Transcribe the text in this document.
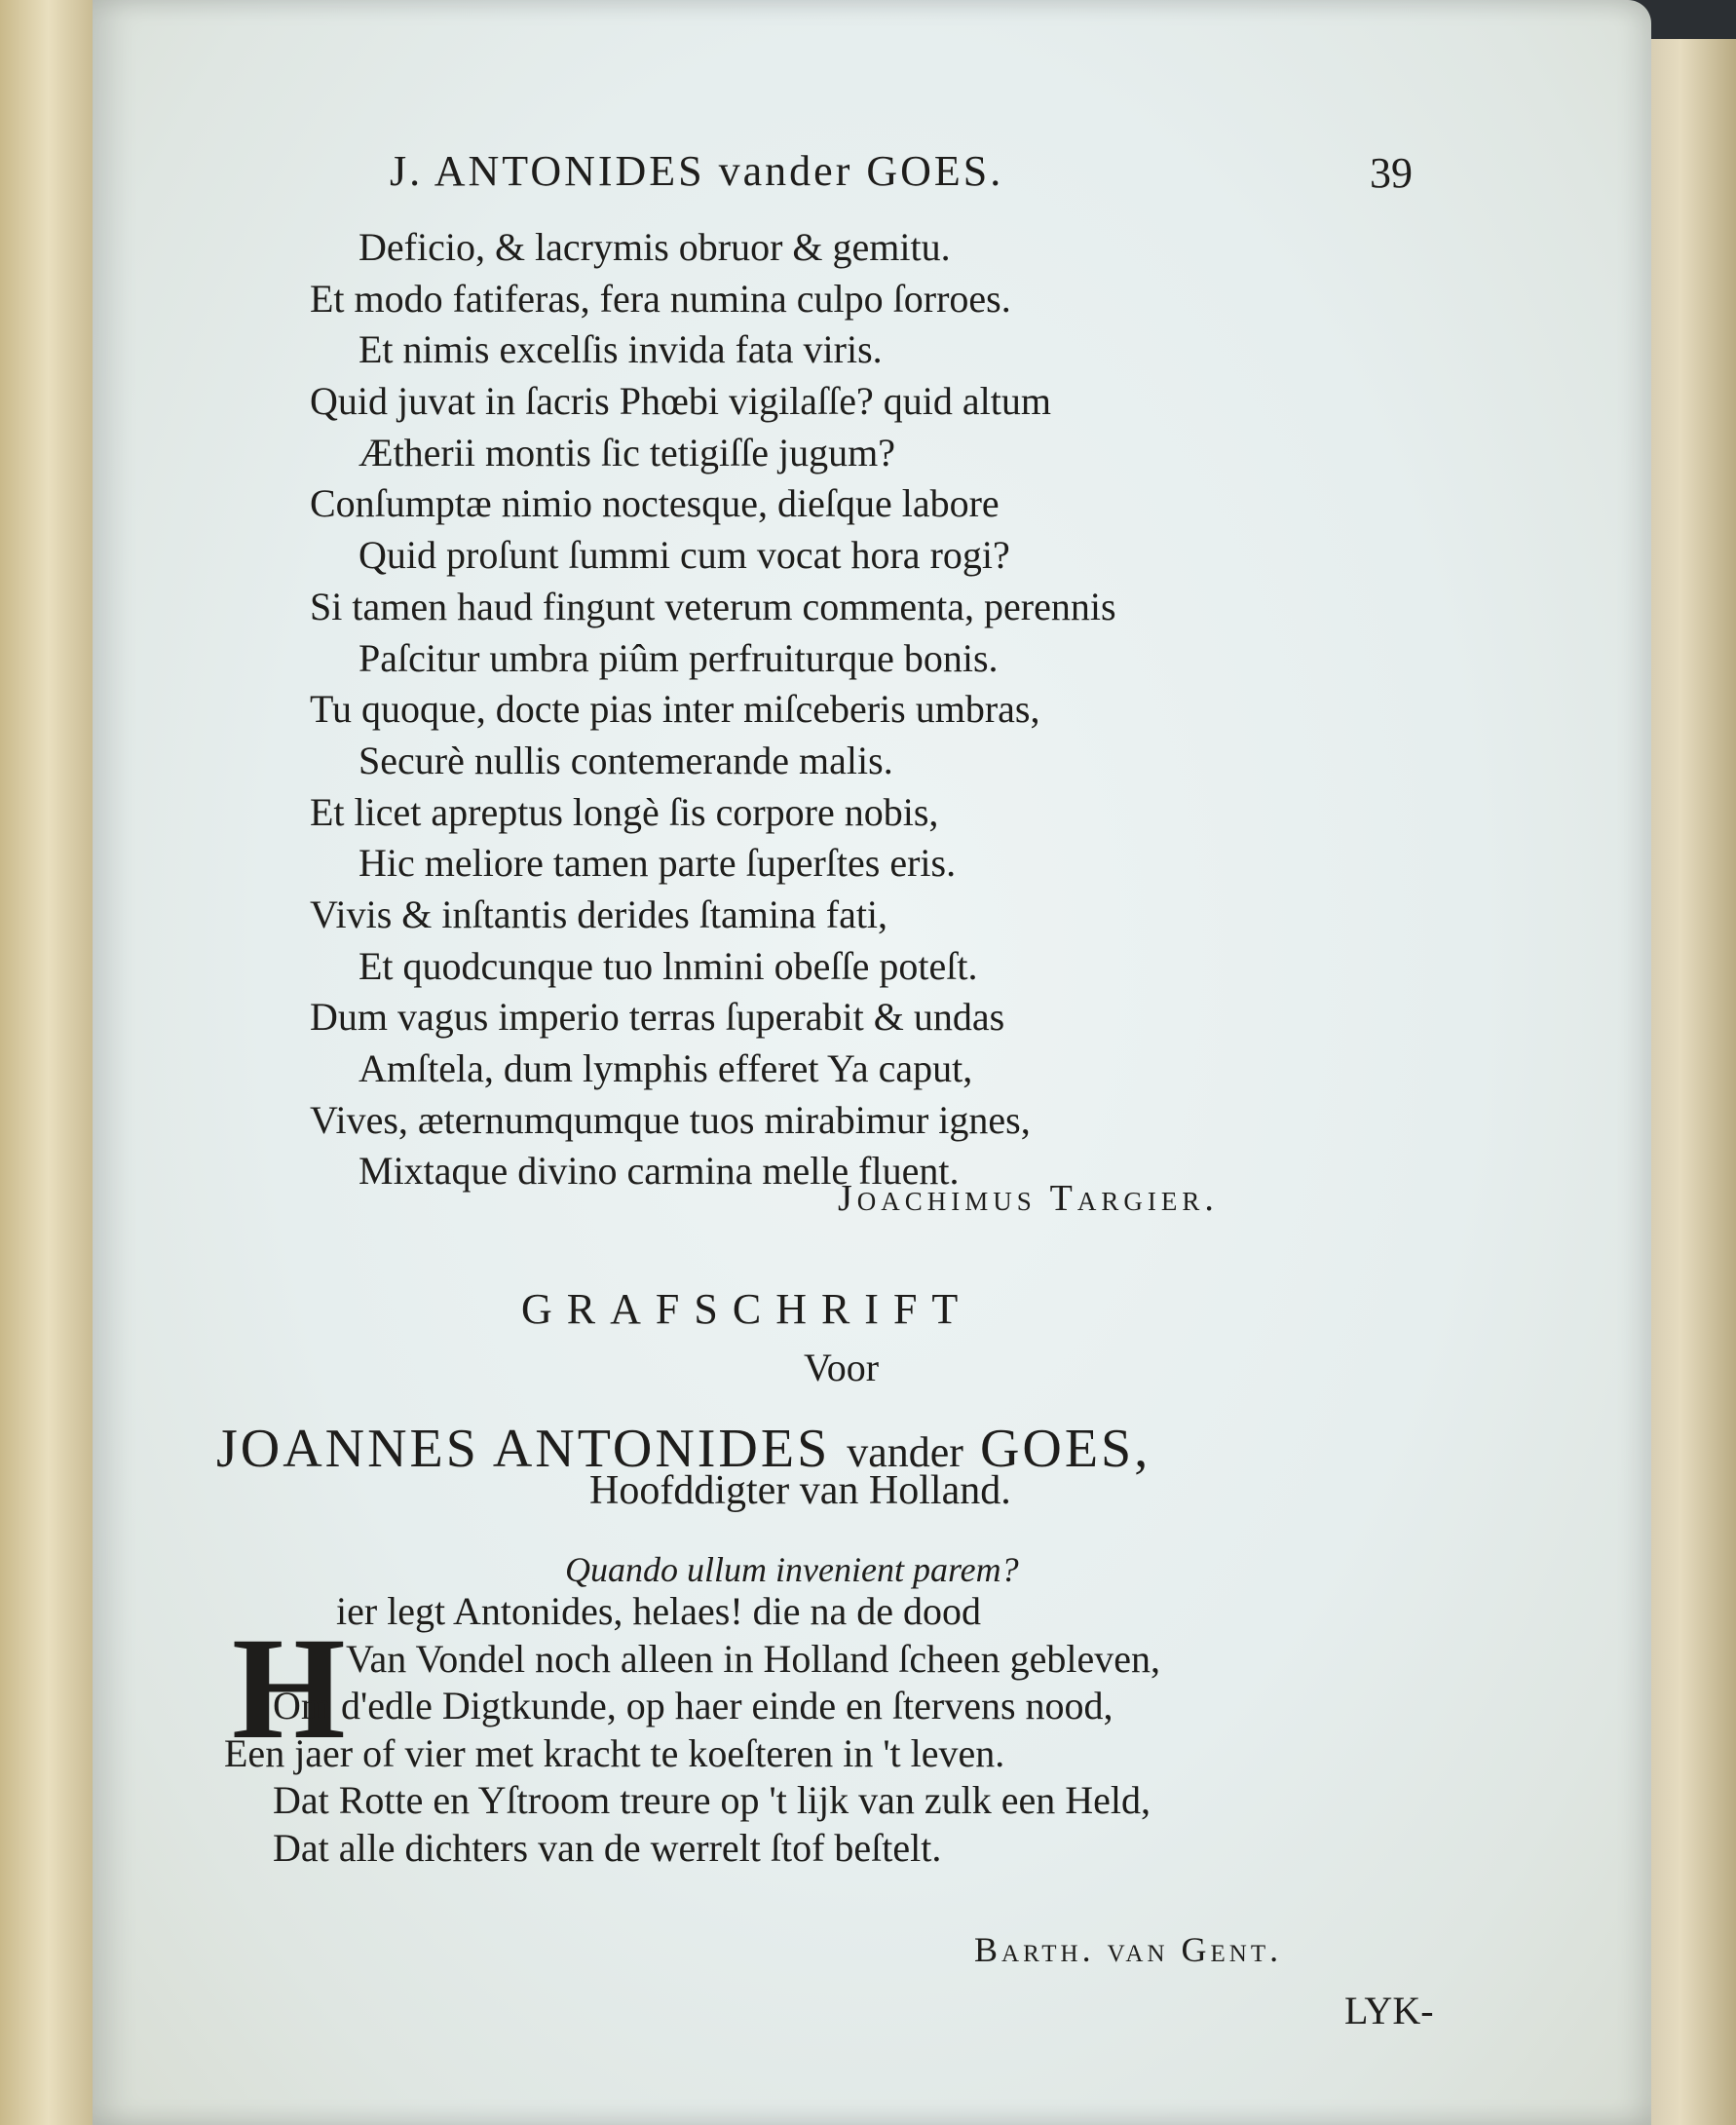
J. ANTONIDES vander GOES.	39
Deficio, & lacrymis obruor & gemitu.
Et modo fatiferas, fera numina culpo ſorroes.
Et nimis excelſis invida fata viris.
Quid juvat in ſacris Phœbi vigilaſſe? quid altum
Ætherii montis ſic tetigiſſe jugum?
Conſumptæ nimio noctesque, dieſque labore
Quid proſunt ſummi cum vocat hora rogi?
Si tamen haud fingunt veterum commenta, perennis
Paſcitur umbra piûm perfruiturque bonis.
Tu quoque, docte pias inter miſceberis umbras,
Securè nullis contemerande malis.
Et licet apreptus longè ſis corpore nobis,
Hic meliore tamen parte ſuperſtes eris.
Vivis & inſtantis derides ſtamina fati,
Et quodcunque tuo lnmini obeſſe poteſt.
Dum vagus imperio terras ſuperabit & undas
Amſtela, dum lymphis efferet Ya caput,
Vives, æternumqumque tuos mirabimur ignes,
Mixtaque divino carmina melle fluent.
Joachimus Targier.
GRAFSCHRIFT
Voor
JOANNES ANTONIDES vander GOES,
Hoofddigter van Holland.
Quando ullum invenient parem?
H
ier legt Antonides, helaes! die na de dood
Van Vondel noch alleen in Holland ſcheen gebleven,
Om d'edle Digtkunde, op haer einde en ſtervens nood,
Een jaer of vier met kracht te koeſteren in 't leven.
Dat Rotte en Yſtroom treure op 't lijk van zulk een Held,
Dat alle dichters van de werrelt ſtof beſtelt.
Barth. van Gent.
LYK-
